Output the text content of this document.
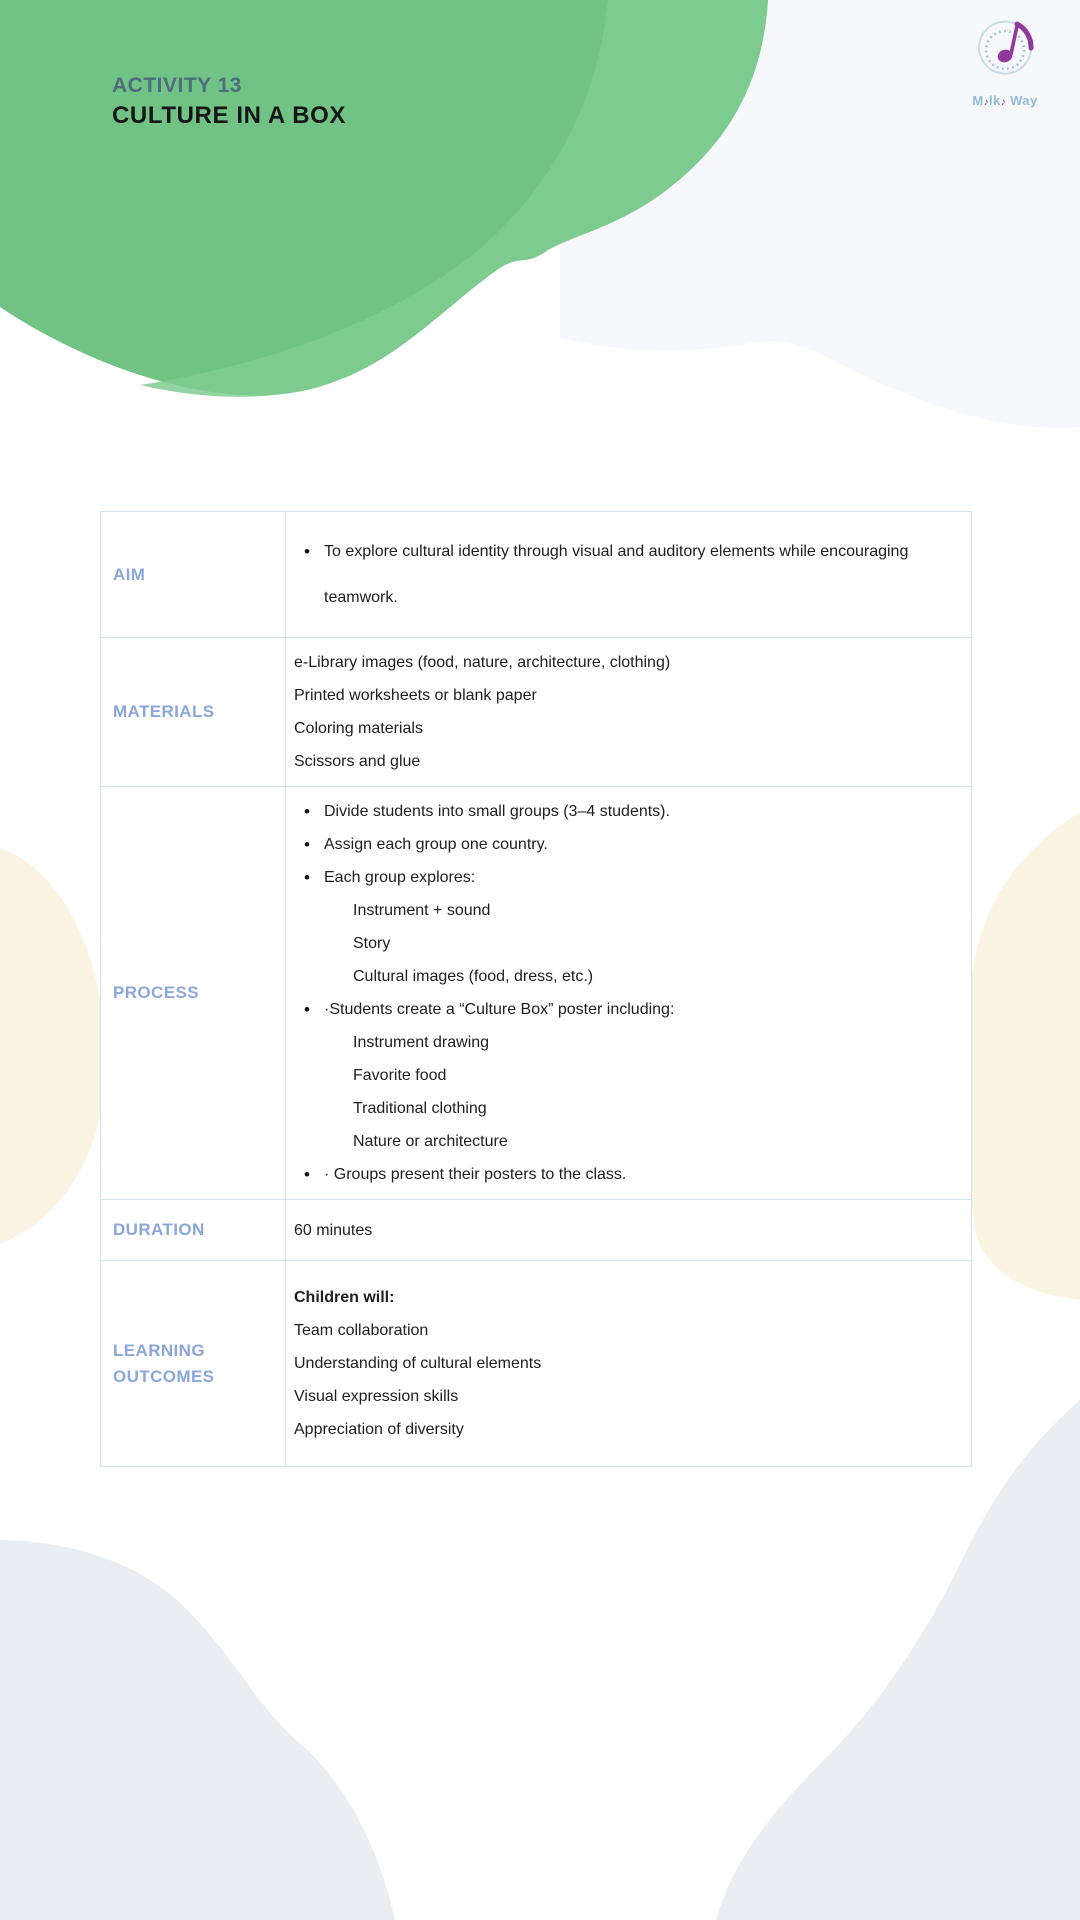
ACTIVITY 13
CULTURE IN A BOX
M♪lk♪ Way
AIM
• To explore cultural identity through visual and auditory elements while encouraging teamwork.
MATERIALS
e-Library images (food, nature, architecture, clothing)
Printed worksheets or blank paper
Coloring materials
Scissors and glue
PROCESS
• Divide students into small groups (3–4 students).
• Assign each group one country.
• Each group explores:
Instrument + sound
Story
Cultural images (food, dress, etc.)
• ·Students create a “Culture Box” poster including:
Instrument drawing
Favorite food
Traditional clothing
Nature or architecture
• · Groups present their posters to the class.
DURATION	60 minutes
LEARNING OUTCOMES
Children will:
Team collaboration
Understanding of cultural elements
Visual expression skills
Appreciation of diversity
